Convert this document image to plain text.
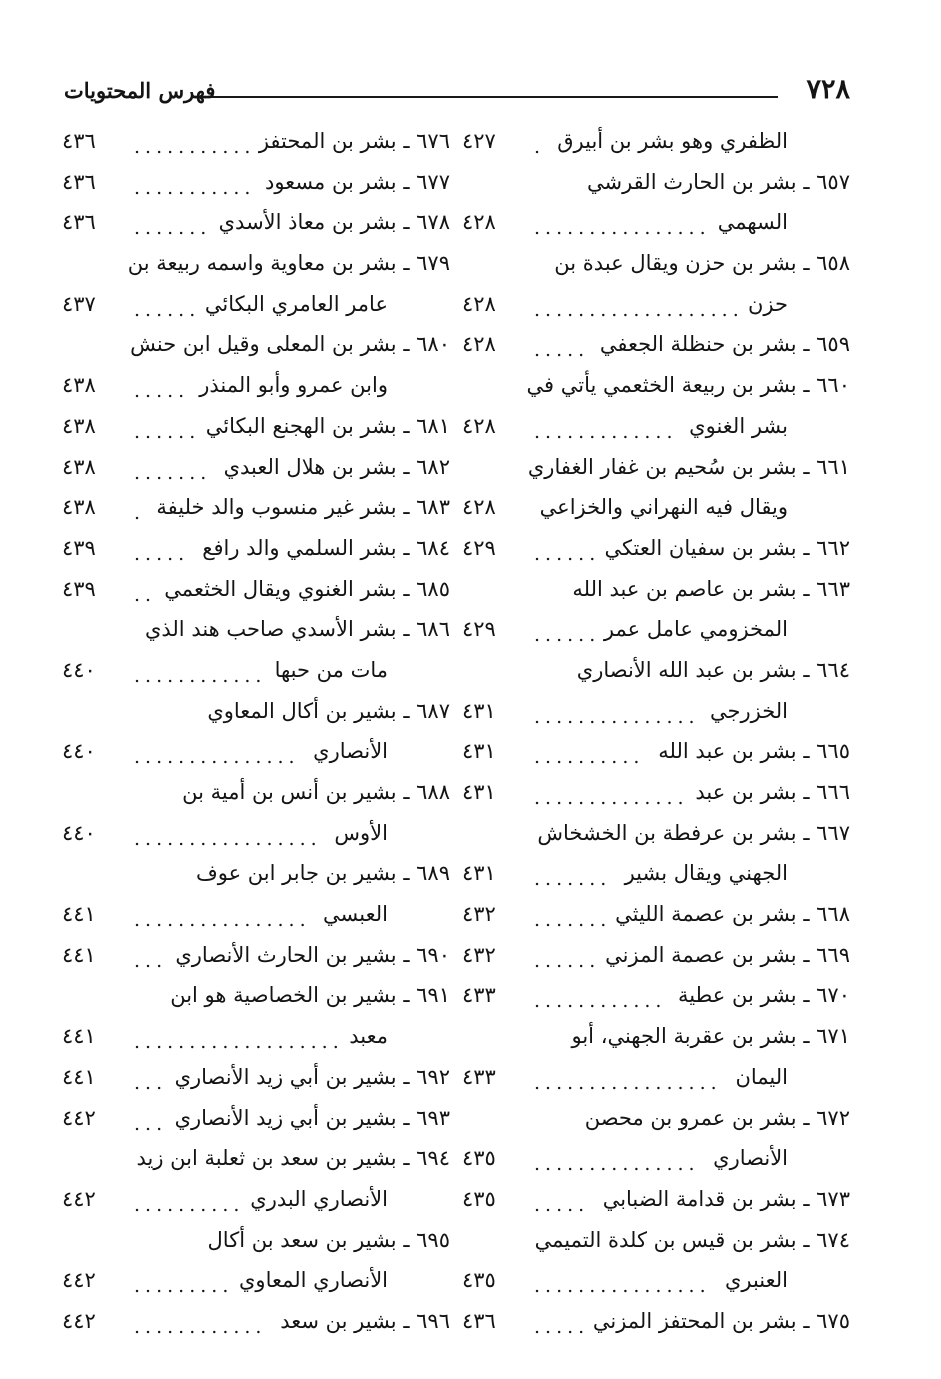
٧٢٨
فهرس المحتويات
الظفري وهو بشر بن أبيرق
٤٢٧	.
٦٥٧ ـ بشر بن الحارث القرشي
السهمي
٤٢٨	................
٦٥٨ ـ بشر بن حزن ويقال عبدة بن
حزن
٤٢٨	...................
٦٥٩ ـ بشر بن حنظلة الجعفي
٤٢٨	.....
٦٦٠ ـ بشر بن ربيعة الخثعمي يأتي في
بشر الغنوي
٤٢٨	.............
٦٦١ ـ بشر بن سُحيم بن غفار الغفاري
ويقال فيه النهراني والخزاعي
٤٢٨
٦٦٢ ـ بشر بن سفيان العتكي
٤٢٩	......
٦٦٣ ـ بشر بن عاصم بن عبد الله
المخزومي عامل عمر
٤٢٩	......
٦٦٤ ـ بشر بن عبد الله الأنصاري
الخزرجي
٤٣١	...............
٦٦٥ ـ بشر بن عبد الله
٤٣١	..........
٦٦٦ ـ بشر بن عبد
٤٣١	..............
٦٦٧ ـ بشر بن عرفطة بن الخشخاش
الجهني ويقال بشير
٤٣١	.......
٦٦٨ ـ بشر بن عصمة الليثي
٤٣٢	.......
٦٦٩ ـ بشر بن عصمة المزني
٤٣٢	......
٦٧٠ ـ بشر بن عطية
٤٣٣	............
٦٧١ ـ بشر بن عقربة الجهني، أبو
اليمان
٤٣٣	.................
٦٧٢ ـ بشر بن عمرو بن محصن
الأنصاري
٤٣٥	...............
٦٧٣ ـ بشر بن قدامة الضبابي
٤٣٥	.....
٦٧٤ ـ بشر بن قيس بن كلدة التميمي
العنبري
٤٣٥	................
٦٧٥ ـ بشر بن المحتفز المزني
٤٣٦	.....
٦٧٦ ـ بشر بن المحتفز
٤٣٦	...........
٦٧٧ ـ بشر بن مسعود
٤٣٦	...........
٦٧٨ ـ بشر بن معاذ الأسدي
٤٣٦	.......
٦٧٩ ـ بشر بن معاوية واسمه ربيعة بن
عامر العامري البكائي
٤٣٧	......
٦٨٠ ـ بشر بن المعلى وقيل ابن حنش
وابن عمرو وأبو المنذر
٤٣٨	.....
٦٨١ ـ بشر بن الهجنع البكائي
٤٣٨	......
٦٨٢ ـ بشر بن هلال العبدي
٤٣٨	.......
٦٨٣ ـ بشر غير منسوب والد خليفة
٤٣٨	.
٦٨٤ ـ بشر السلمي والد رافع
٤٣٩	.....
٦٨٥ ـ بشر الغنوي ويقال الخثعمي
٤٣٩	..
٦٨٦ ـ بشر الأسدي صاحب هند الذي
مات من حبها
٤٤٠	............
٦٨٧ ـ بشير بن أكال المعاوي
الأنصاري
٤٤٠	...............
٦٨٨ ـ بشير بن أنس بن أمية بن
الأوس
٤٤٠	.................
٦٨٩ ـ بشير بن جابر ابن عوف
العبسي
٤٤١	................
٦٩٠ ـ بشير بن الحارث الأنصاري
٤٤١	...
٦٩١ ـ بشير بن الخصاصية هو ابن
معبد
٤٤١	...................
٦٩٢ ـ بشير بن أبي زيد الأنصاري
٤٤١	...
٦٩٣ ـ بشير بن أبي زيد الأنصاري
٤٤٢	...
٦٩٤ ـ بشير بن سعد بن ثعلبة ابن زيد
الأنصاري البدري
٤٤٢	..........
٦٩٥ ـ بشير بن سعد بن أكال
الأنصاري المعاوي
٤٤٢	.........
٦٩٦ ـ بشير بن سعد
٤٤٢	............
